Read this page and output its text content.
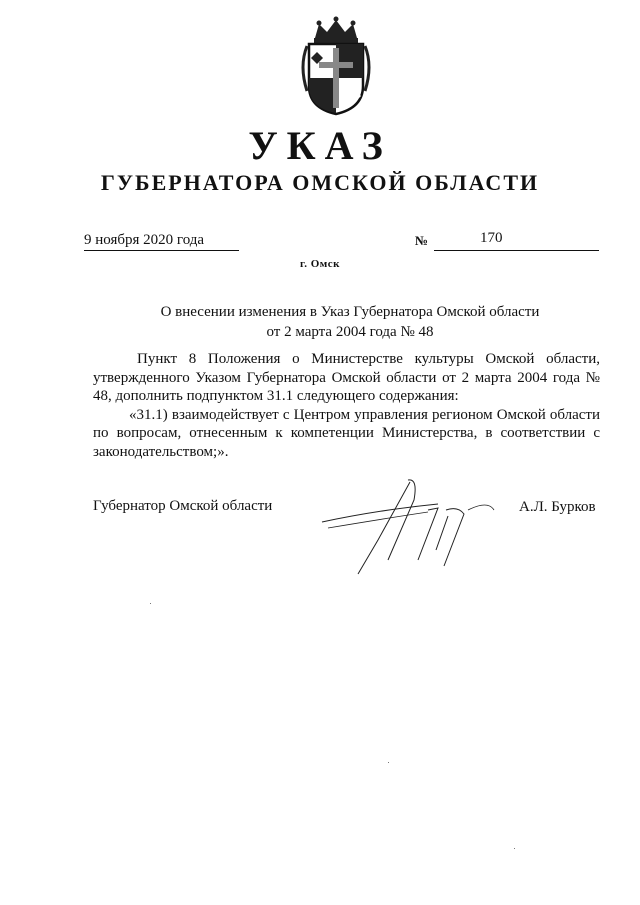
УКАЗ
ГУБЕРНАТОРА ОМСКОЙ ОБЛАСТИ
9 ноября 2020 года	№	170
г. Омск
О внесении изменения в Указ Губернатора Омской области
от 2 марта 2004 года № 48

Пункт 8 Положения о Министерстве культуры Омской области, утвержденного Указом Губернатора Омской области от 2 марта 2004 года № 48, дополнить подпунктом 31.1 следующего содержания:

«31.1) взаимодействует с Центром управления регионом Омской области по вопросам, отнесенным к компетенции Министерства, в соответствии с законодательством;».

Губернатор Омской области	А.Л. Бурков
